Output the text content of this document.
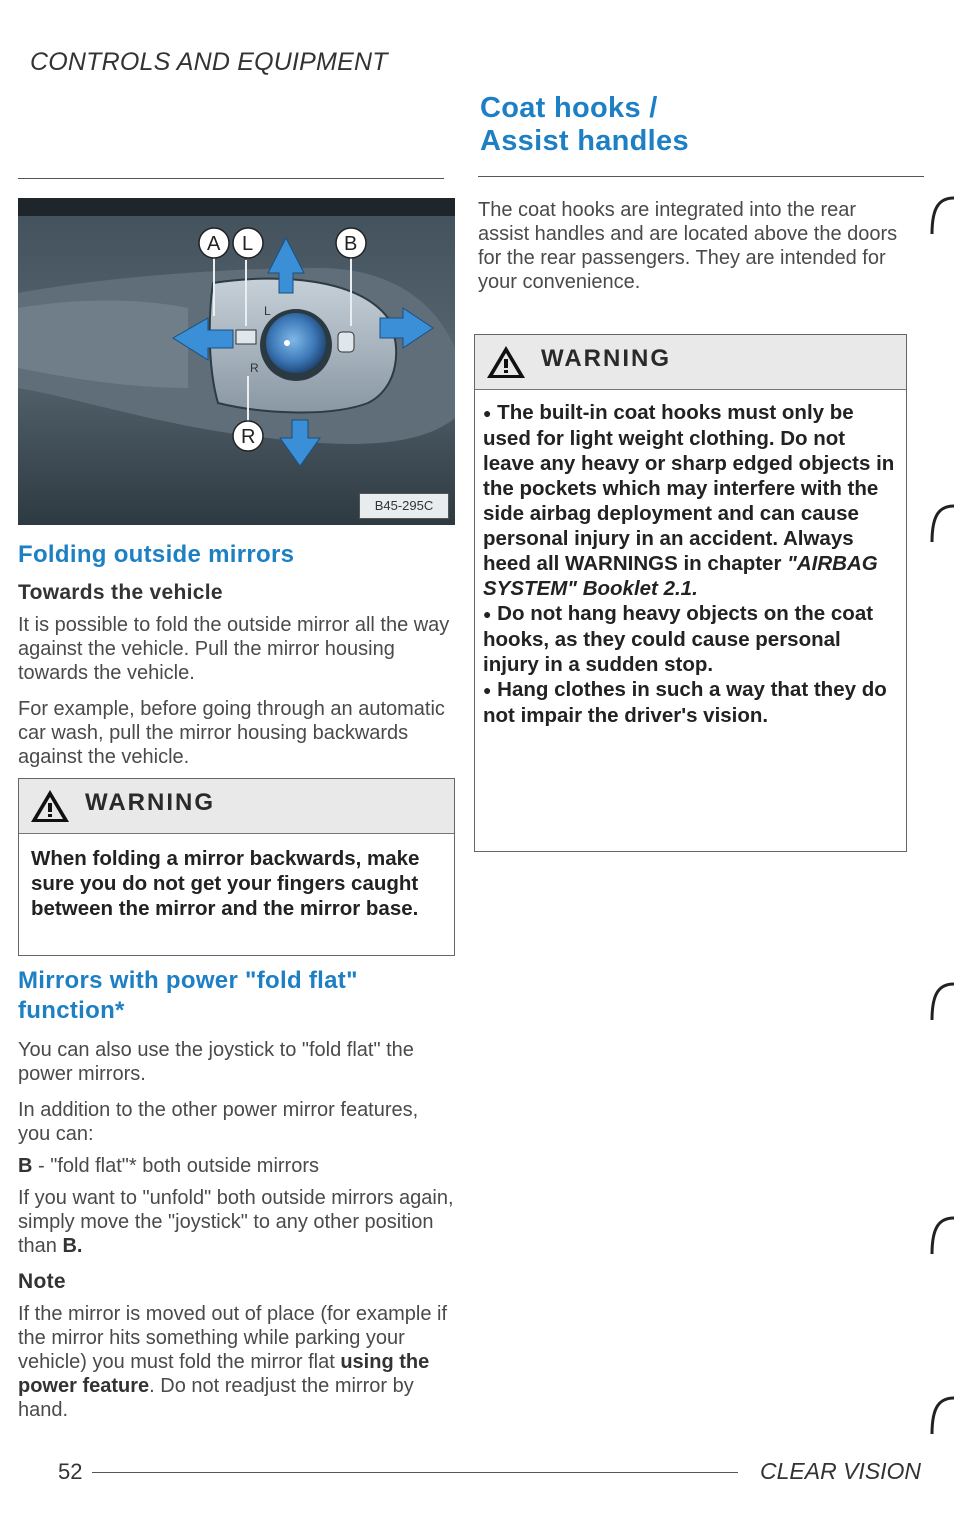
CONTROLS AND EQUIPMENT
L
R
A L	B
R
B45-295C
Folding outside mirrors
Towards the vehicle

It is possible to fold the outside mirror all the way against the vehicle. Pull the mirror housing towards the vehicle.

For example, before going through an automatic car wash, pull the mirror housing backwards against the vehicle.

WARNING
When folding a mirror backwards, make sure you do not get your fingers caught between the mirror and the mirror base.
Mirrors with power "fold flat" function*

You can also use the joystick to "fold flat" the power mirrors.

In addition to the other power mirror features, you can:

B - "fold flat"* both outside mirrors

If you want to "unfold" both outside mirrors again, simply move the "joystick" to any other position than B.

Note

If the mirror is moved out of place (for example if the mirror hits something while parking your vehicle) you must fold the mirror flat using the power feature. Do not readjust the mirror by hand.

Coat hooks /
Assist handles

The coat hooks are integrated into the rear assist handles and are located above the doors for the rear passengers. They are intended for your convenience.

WARNING

● The built-in coat hooks must only be used for light weight clothing. Do not leave any heavy or sharp edged objects in the pockets which may interfere with the side airbag deployment and can cause personal injury in an accident. Always heed all WARNINGS in chapter "AIRBAG SYSTEM" Booklet 2.1.

● Do not hang heavy objects on the coat hooks, as they could cause personal injury in a sudden stop.

● Hang clothes in such a way that they do not impair the driver's vision.

52	CLEAR VISION
